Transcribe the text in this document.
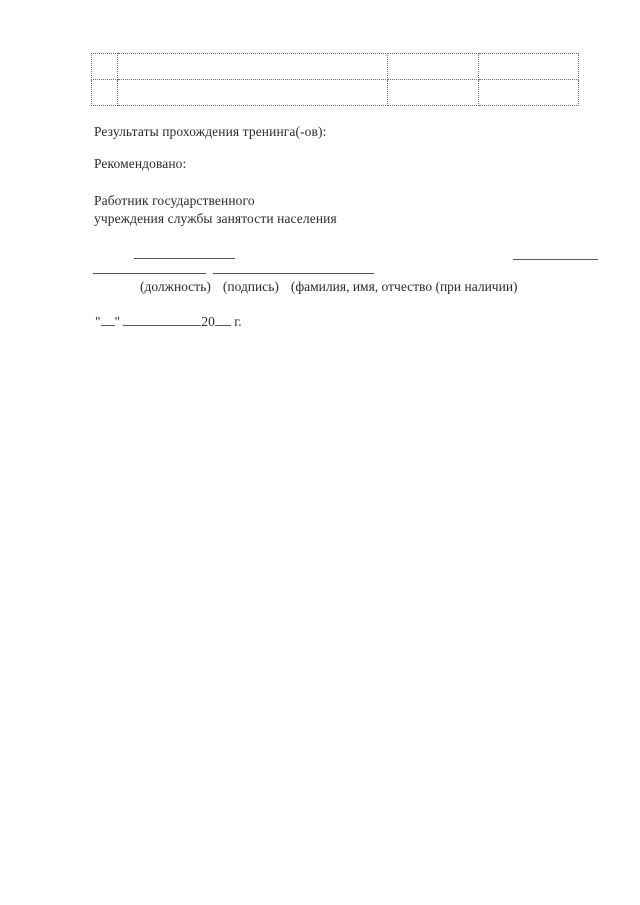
Результаты прохождения тренинга(-ов):
Рекомендовано:
Работник государственного
учреждения службы занятости населения
(должность) (подпись) (фамилия, имя, отчество (при наличии)
" "	20 г.
